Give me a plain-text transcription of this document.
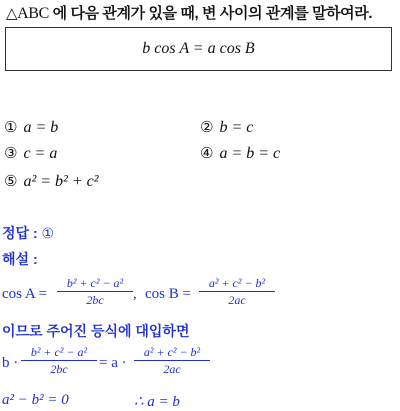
△ABC 에 다음 관계가 있을 때, 변 사이의 관계를 말하여라.
b cos A = a cos B
① a = b	② b = c
③ c = a	④ a = b = c
⑤ a² = b² + c²
정답 : ①
해설 :
cos A =
b² + c² − a²
2bc	, cos B =
a² + c² − b²
2ac
이므로 주어진 등식에 대입하면
b ·
b² + c² − a²
2bc	= a ·
a² + c² − b²
2ac
a² − b² = 0	∴ a = b
